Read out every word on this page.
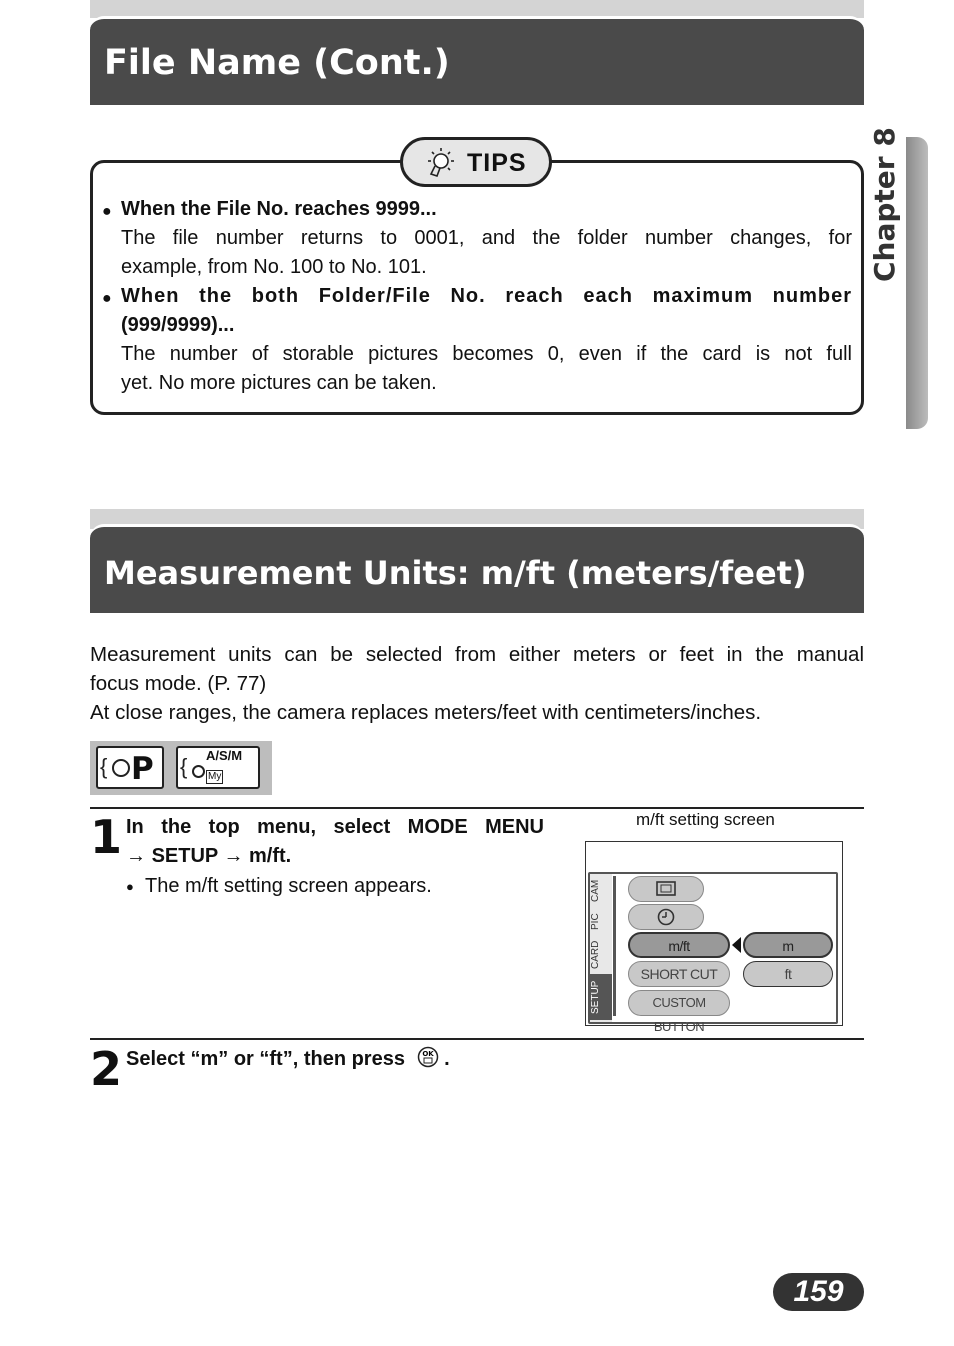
File Name (Cont.)
TIPS
● When the File No. reaches 9999...
The file number returns to 0001, and the folder number changes, for
example, from No. 100 to No. 101.
● When the both Folder/File No. reach each maximum number
(999/9999)...
The number of storable pictures becomes 0, even if the card is not full
yet. No more pictures can be taken.
Measurement Units: m/ft (meters/feet)
Measurement units can be selected from either meters or feet in the manual
focus mode. (P. 77)
At close ranges, the camera replaces meters/feet with centimeters/inches.
{ P { A/S/M
My
1 In the top menu, select MODE MENU
→ SETUP → m/ft.
● The m/ft setting screen appears.
m/ft setting screen
CAM
PIC
CARD
SETUP
m/ft
SHORT CUT
CUSTOM BUTTON
m
ft
2 Select “m” or “ft”, then press OK .
Chapter 8
159
